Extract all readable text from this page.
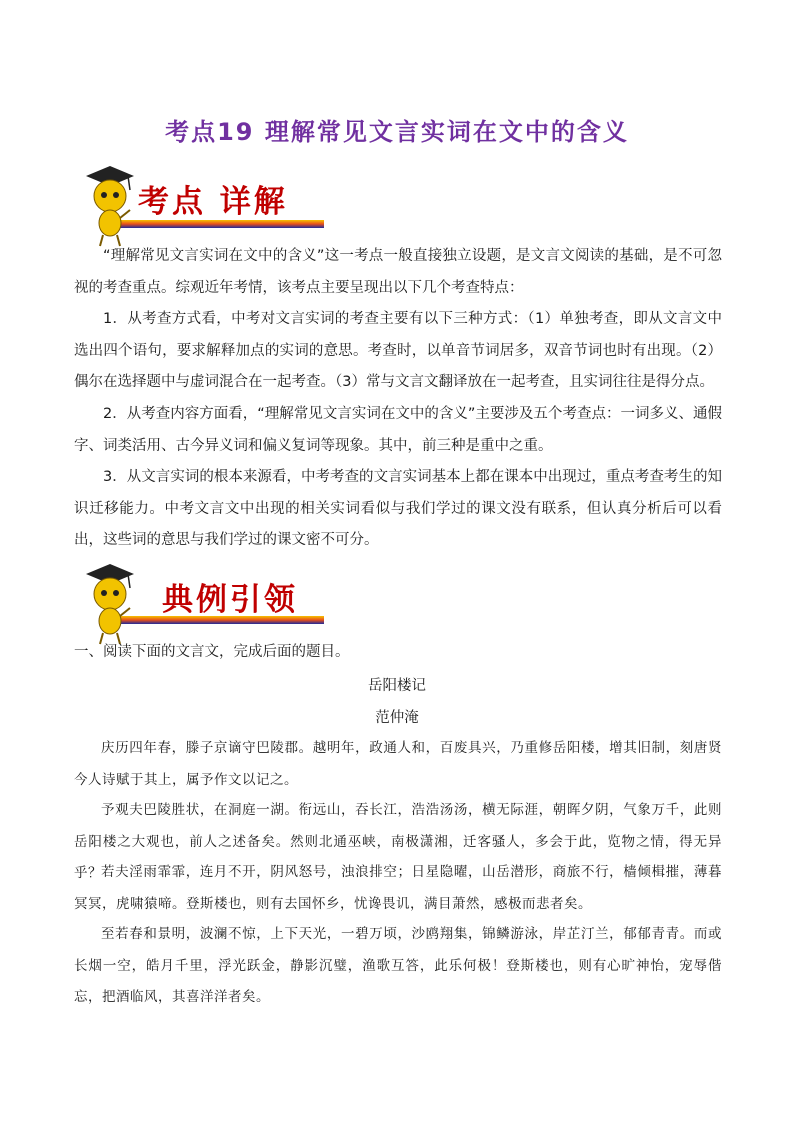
考点19 理解常见文言实词在文中的含义
考点 详解

“理解常见文言实词在文中的含义”这一考点一般直接独立设题，是文言文阅读的基础，是不可忽视的考查重点。综观近年考情，该考点主要呈现出以下几个考查特点：

1．从考查方式看，中考对文言实词的考查主要有以下三种方式：（1）单独考查，即从文言文中选出四个语句，要求解释加点的实词的意思。考查时，以单音节词居多，双音节词也时有出现。（2）偶尔在选择题中与虚词混合在一起考查。（3）常与文言文翻译放在一起考查，且实词往往是得分点。

2．从考查内容方面看，“理解常见文言实词在文中的含义”主要涉及五个考查点：一词多义、通假字、词类活用、古今异义词和偏义复词等现象。其中，前三种是重中之重。

3．从文言实词的根本来源看，中考考查的文言实词基本上都在课本中出现过，重点考查考生的知识迁移能力。中考文言文中出现的相关实词看似与我们学过的课文没有联系，但认真分析后可以看出，这些词的意思与我们学过的课文密不可分。

典例引领

一、阅读下面的文言文，完成后面的题目。

岳阳楼记
范仲淹

庆历四年春，滕子京谪守巴陵郡。越明年，政通人和，百废具兴，乃重修岳阳楼，增其旧制，刻唐贤今人诗赋于其上，属予作文以记之。

予观夫巴陵胜状，在洞庭一湖。衔远山，吞长江，浩浩汤汤，横无际涯，朝晖夕阴，气象万千，此则岳阳楼之大观也，前人之述备矣。然则北通巫峡，南极潇湘，迁客骚人，多会于此，览物之情，得无异乎？ 若夫淫雨霏霏，连月不开，阴风怒号，浊浪排空；日星隐曜，山岳潜形，商旅不行，樯倾楫摧，薄暮冥冥，虎啸猿啼。登斯楼也，则有去国怀乡，忧谗畏讥，满目萧然，感极而悲者矣。

至若春和景明，波澜不惊，上下天光，一碧万顷，沙鸥翔集，锦鳞游泳，岸芷汀兰，郁郁青青。而或长烟一空，皓月千里，浮光跃金，静影沉璧，渔歌互答，此乐何极！登斯楼也，则有心旷神怡，宠辱偕忘，把酒临风，其喜洋洋者矣。
